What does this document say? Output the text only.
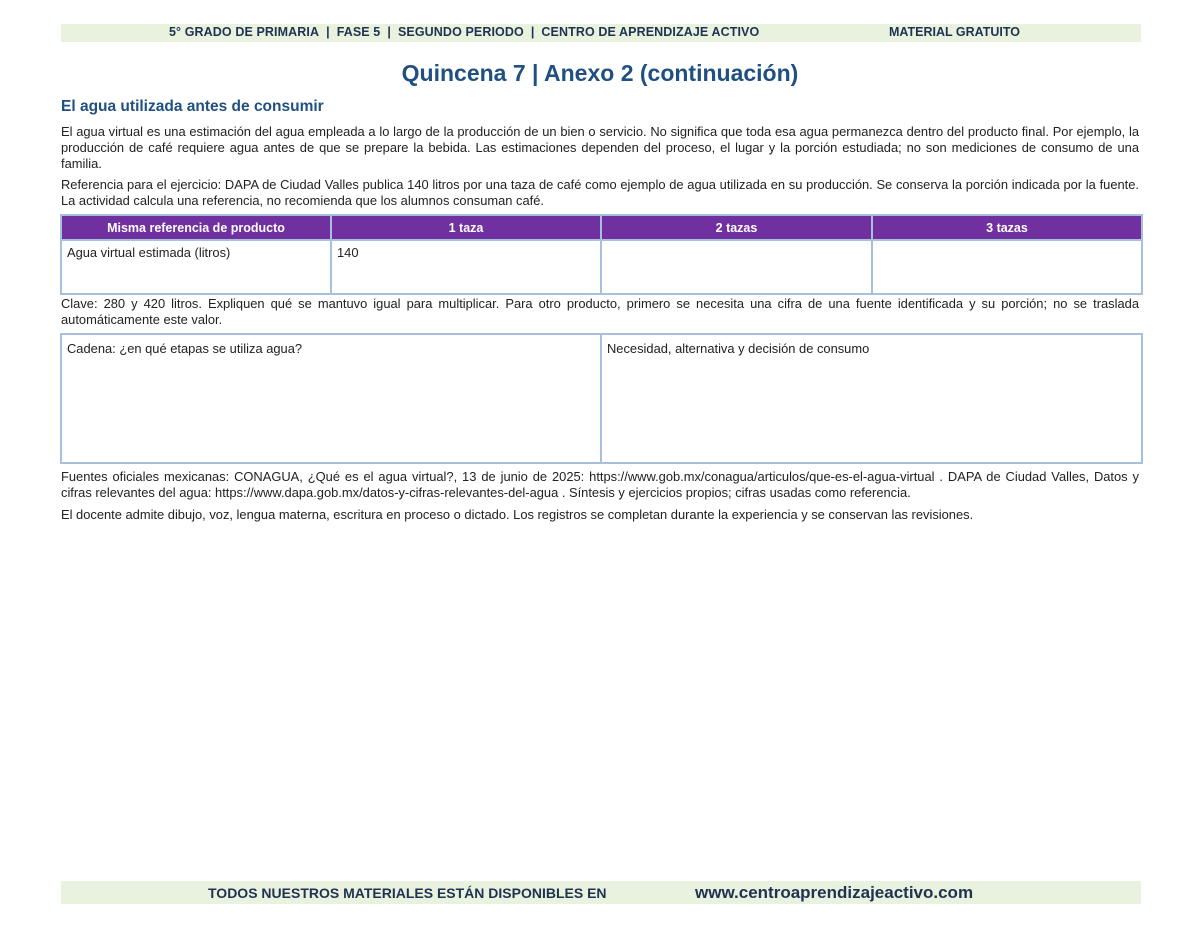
5° GRADO DE PRIMARIA | FASE 5 | SEGUNDO PERIODO | CENTRO DE APRENDIZAJE ACTIVO	MATERIAL GRATUITO
Quincena 7 | Anexo 2 (continuación)
El agua utilizada antes de consumir

El agua virtual es una estimación del agua empleada a lo largo de la producción de un bien o servicio. No significa que toda esa agua permanezca dentro del producto final. Por ejemplo, la producción de café requiere agua antes de que se prepare la bebida. Las estimaciones dependen del proceso, el lugar y la porción estudiada; no son mediciones de consumo de una familia.

Referencia para el ejercicio: DAPA de Ciudad Valles publica 140 litros por una taza de café como ejemplo de agua utilizada en su producción. Se conserva la porción indicada por la fuente. La actividad calcula una referencia, no recomienda que los alumnos consuman café.

Misma referencia de producto	1 taza	2 tazas	3 tazas
Agua virtual estimada (litros)	140		

Clave: 280 y 420 litros. Expliquen qué se mantuvo igual para multiplicar. Para otro producto, primero se necesita una cifra de una fuente identificada y su porción; no se traslada automáticamente este valor.

Cadena: ¿en qué etapas se utiliza agua?	Necesidad, alternativa y decisión de consumo

Fuentes oficiales mexicanas: CONAGUA, ¿Qué es el agua virtual?, 13 de junio de 2025: https://www.gob.mx/conagua/articulos/que-es-el-agua-virtual . DAPA de Ciudad Valles, Datos y cifras relevantes del agua: https://www.dapa.gob.mx/datos-y-cifras-relevantes-del-agua . Síntesis y ejercicios propios; cifras usadas como referencia.

El docente admite dibujo, voz, lengua materna, escritura en proceso o dictado. Los registros se completan durante la experiencia y se conservan las revisiones.

TODOS NUESTROS MATERIALES ESTÁN DISPONIBLES EN	www.centroaprendizajeactivo.com
